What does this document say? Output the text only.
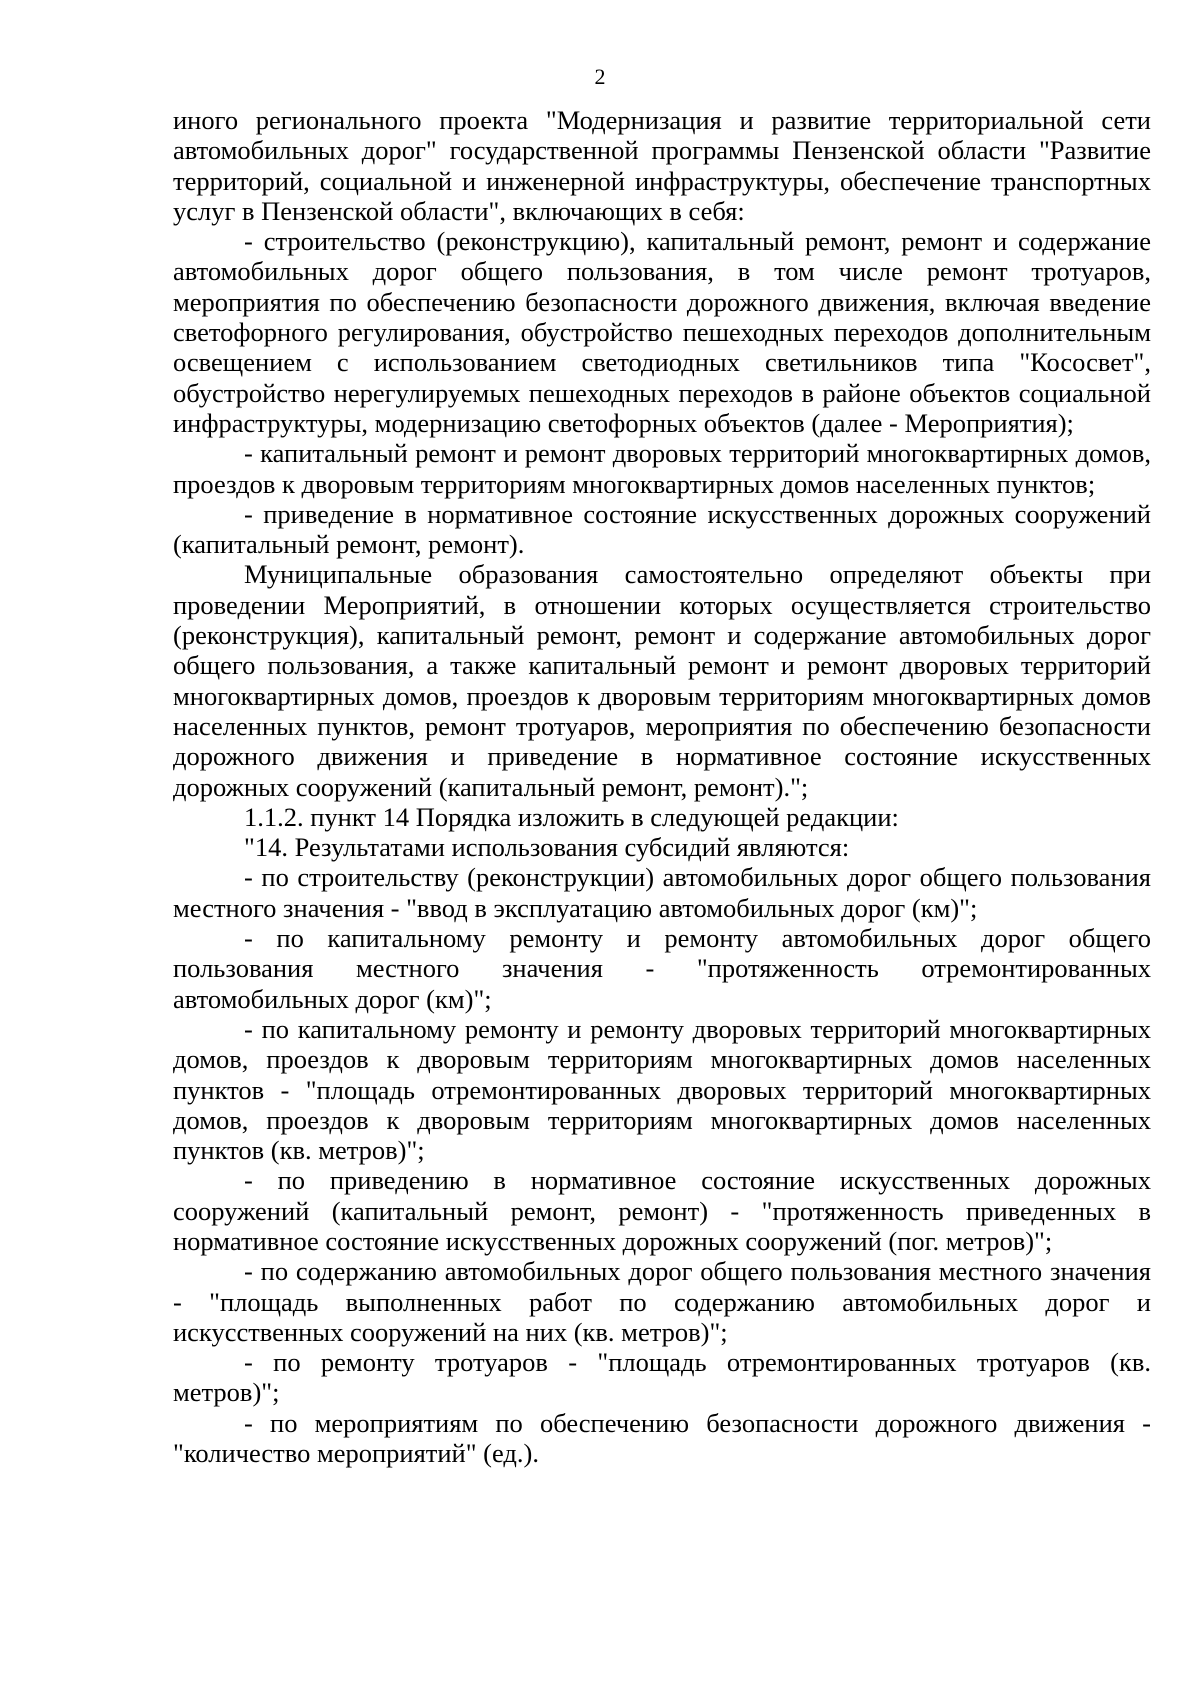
2

иного регионального проекта "Модернизация и развитие территориальной сети автомобильных дорог" государственной программы Пензенской области "Развитие территорий, социальной и инженерной инфраструктуры, обеспечение транспортных услуг в Пензенской области", включающих в себя:

- строительство (реконструкцию), капитальный ремонт, ремонт и содержание автомобильных дорог общего пользования, в том числе ремонт тротуаров, мероприятия по обеспечению безопасности дорожного движения, включая введение светофорного регулирования, обустройство пешеходных переходов дополнительным освещением с использованием светодиодных светильников типа "Кососвет", обустройство нерегулируемых пешеходных переходов в районе объектов социальной инфраструктуры, модернизацию светофорных объектов (далее - Мероприятия);

- капитальный ремонт и ремонт дворовых территорий многоквартирных домов, проездов к дворовым территориям многоквартирных домов населенных пунктов;

- приведение в нормативное состояние искусственных дорожных сооружений (капитальный ремонт, ремонт).

Муниципальные образования самостоятельно определяют объекты при проведении Мероприятий, в отношении которых осуществляется строительство (реконструкция), капитальный ремонт, ремонт и содержание автомобильных дорог общего пользования, а также капитальный ремонт и ремонт дворовых территорий многоквартирных домов, проездов к дворовым территориям многоквартирных домов населенных пунктов, ремонт тротуаров, мероприятия по обеспечению безопасности дорожного движения и приведение в нормативное состояние искусственных дорожных сооружений (капитальный ремонт, ремонт).";

1.1.2. пункт 14 Порядка изложить в следующей редакции:

"14. Результатами использования субсидий являются:

- по строительству (реконструкции) автомобильных дорог общего пользования местного значения - "ввод в эксплуатацию автомобильных дорог (км)";

- по капитальному ремонту и ремонту автомобильных дорог общего пользования местного значения - "протяженность отремонтированных автомобильных дорог (км)";

- по капитальному ремонту и ремонту дворовых территорий многоквартирных домов, проездов к дворовым территориям многоквартирных домов населенных пунктов - "площадь отремонтированных дворовых территорий многоквартирных домов, проездов к дворовым территориям многоквартирных домов населенных пунктов (кв. метров)";

- по приведению в нормативное состояние искусственных дорожных сооружений (капитальный ремонт, ремонт) - "протяженность приведенных в нормативное состояние искусственных дорожных сооружений (пог. метров)";

- по содержанию автомобильных дорог общего пользования местного значения - "площадь выполненных работ по содержанию автомобильных дорог и искусственных сооружений на них (кв. метров)";

- по ремонту тротуаров - "площадь отремонтированных тротуаров (кв. метров)";

- по мероприятиям по обеспечению безопасности дорожного движения - "количество мероприятий" (ед.).
